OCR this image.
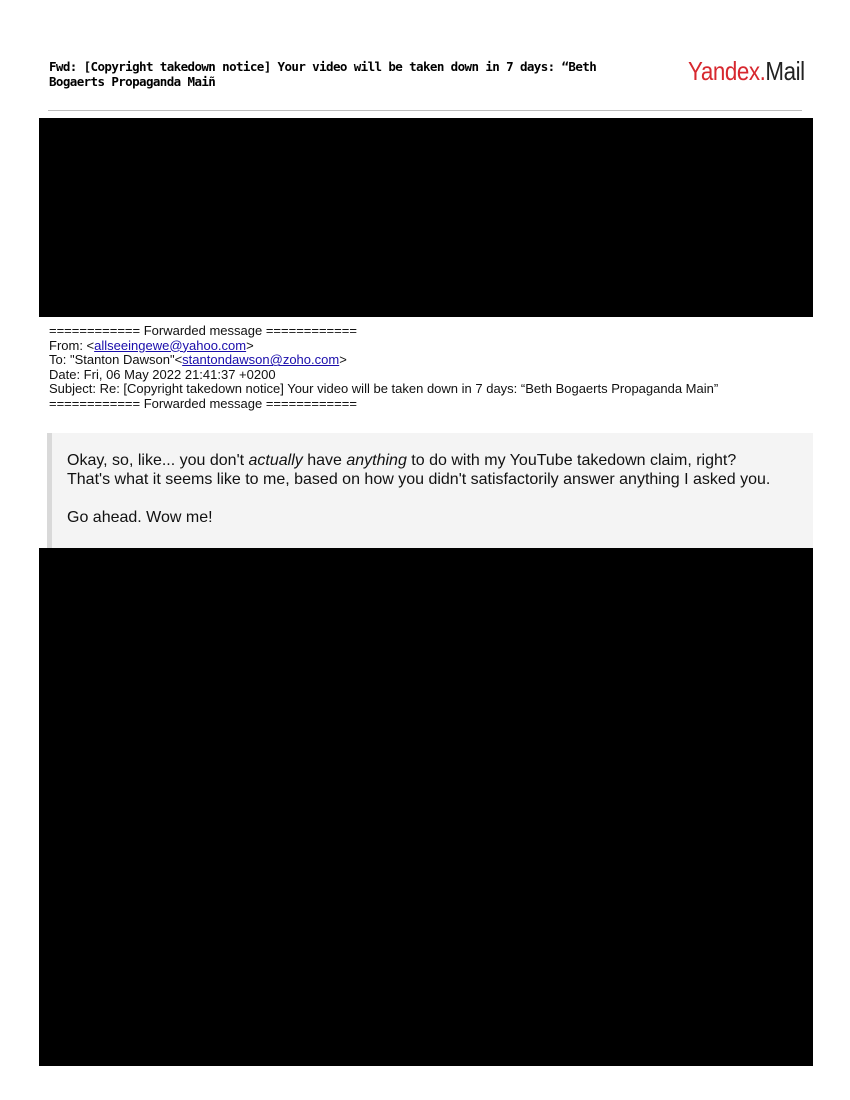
Fwd: [Copyright takedown notice] Your video will be taken down in 7 days: “Beth
Bogaerts Propaganda Maiñ	Yandex.Mail
============ Forwarded message ============
From: <allseeingewe@yahoo.com>
To: "Stanton Dawson"<stantondawson@zoho.com>
Date: Fri, 06 May 2022 21:41:37 +0200
Subject: Re: [Copyright takedown notice] Your video will be taken down in 7 days: “Beth Bogaerts Propaganda Main”
============ Forwarded message ============

Okay, so, like... you don't actually have anything to do with my YouTube takedown claim, right?

That's what it seems like to me, based on how you didn't satisfactorily answer anything I asked you.

Go ahead. Wow me!
